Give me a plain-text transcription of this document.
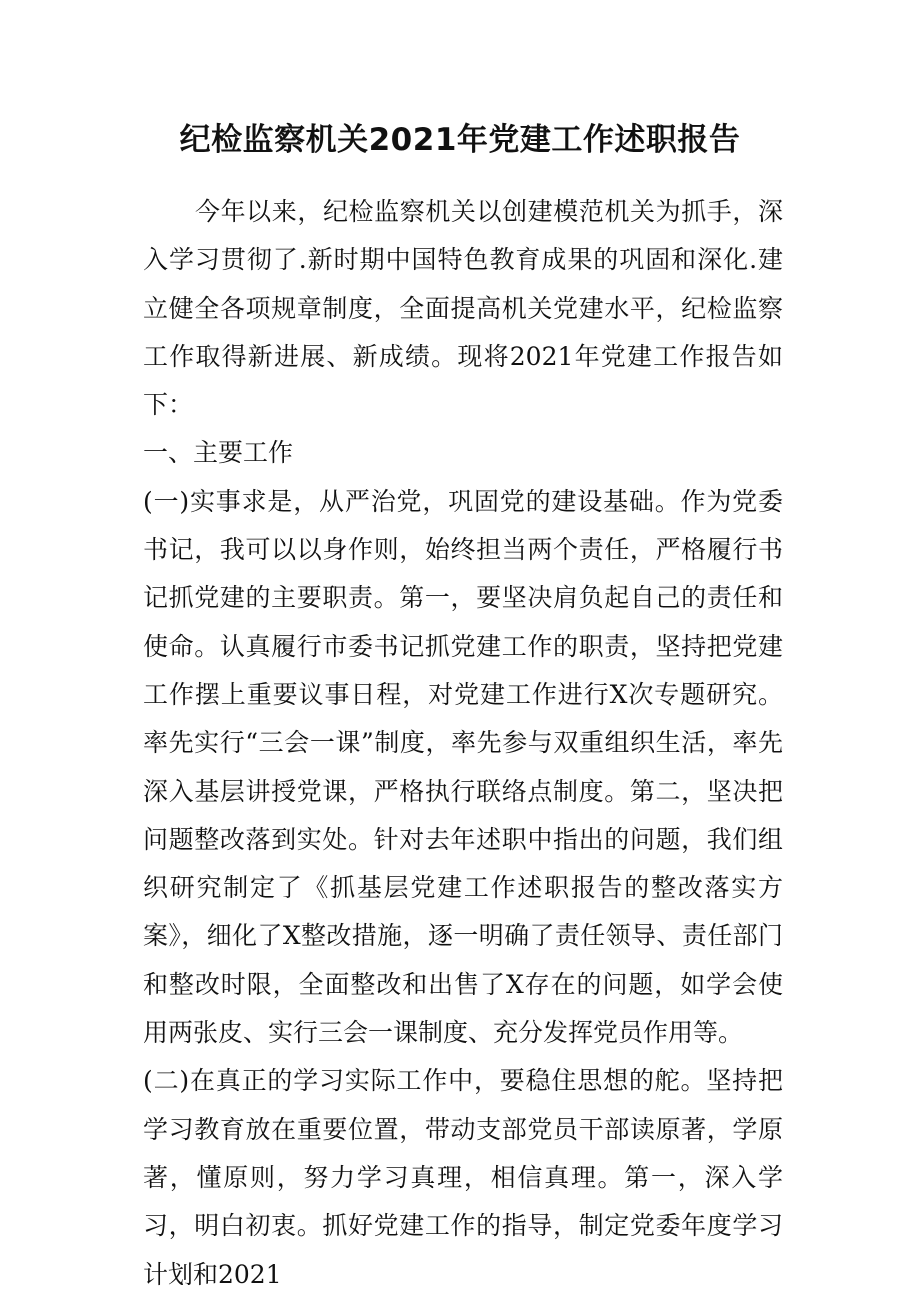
纪检监察机关2021年党建工作述职报告

今年以来，纪检监察机关以创建模范机关为抓手，深入学习贯彻了.新时期中国特色教育成果的巩固和深化.建立健全各项规章制度，全面提高机关党建水平，纪检监察工作取得新进展、新成绩。现将2021年党建工作报告如下：

一、主要工作

(一)实事求是，从严治党，巩固党的建设基础。作为党委书记，我可以以身作则，始终担当两个责任，严格履行书记抓党建的主要职责。第一，要坚决肩负起自己的责任和使命。认真履行市委书记抓党建工作的职责，坚持把党建工作摆上重要议事日程，对党建工作进行X次专题研究。率先实行“三会一课”制度，率先参与双重组织生活，率先深入基层讲授党课，严格执行联络点制度。第二，坚决把问题整改落到实处。针对去年述职中指出的问题，我们组织研究制定了《抓基层党建工作述职报告的整改落实方案》，细化了X整改措施，逐一明确了责任领导、责任部门和整改时限，全面整改和出售了X存在的问题，如学会使用两张皮、实行三会一课制度、充分发挥党员作用等。

(二)在真正的学习实际工作中，要稳住思想的舵。坚持把学习教育放在重要位置，带动支部党员干部读原著，学原著，懂原则，努力学习真理，相信真理。第一，深入学习，明白初衷。抓好党建工作的指导，制定党委年度学习计划和2021
